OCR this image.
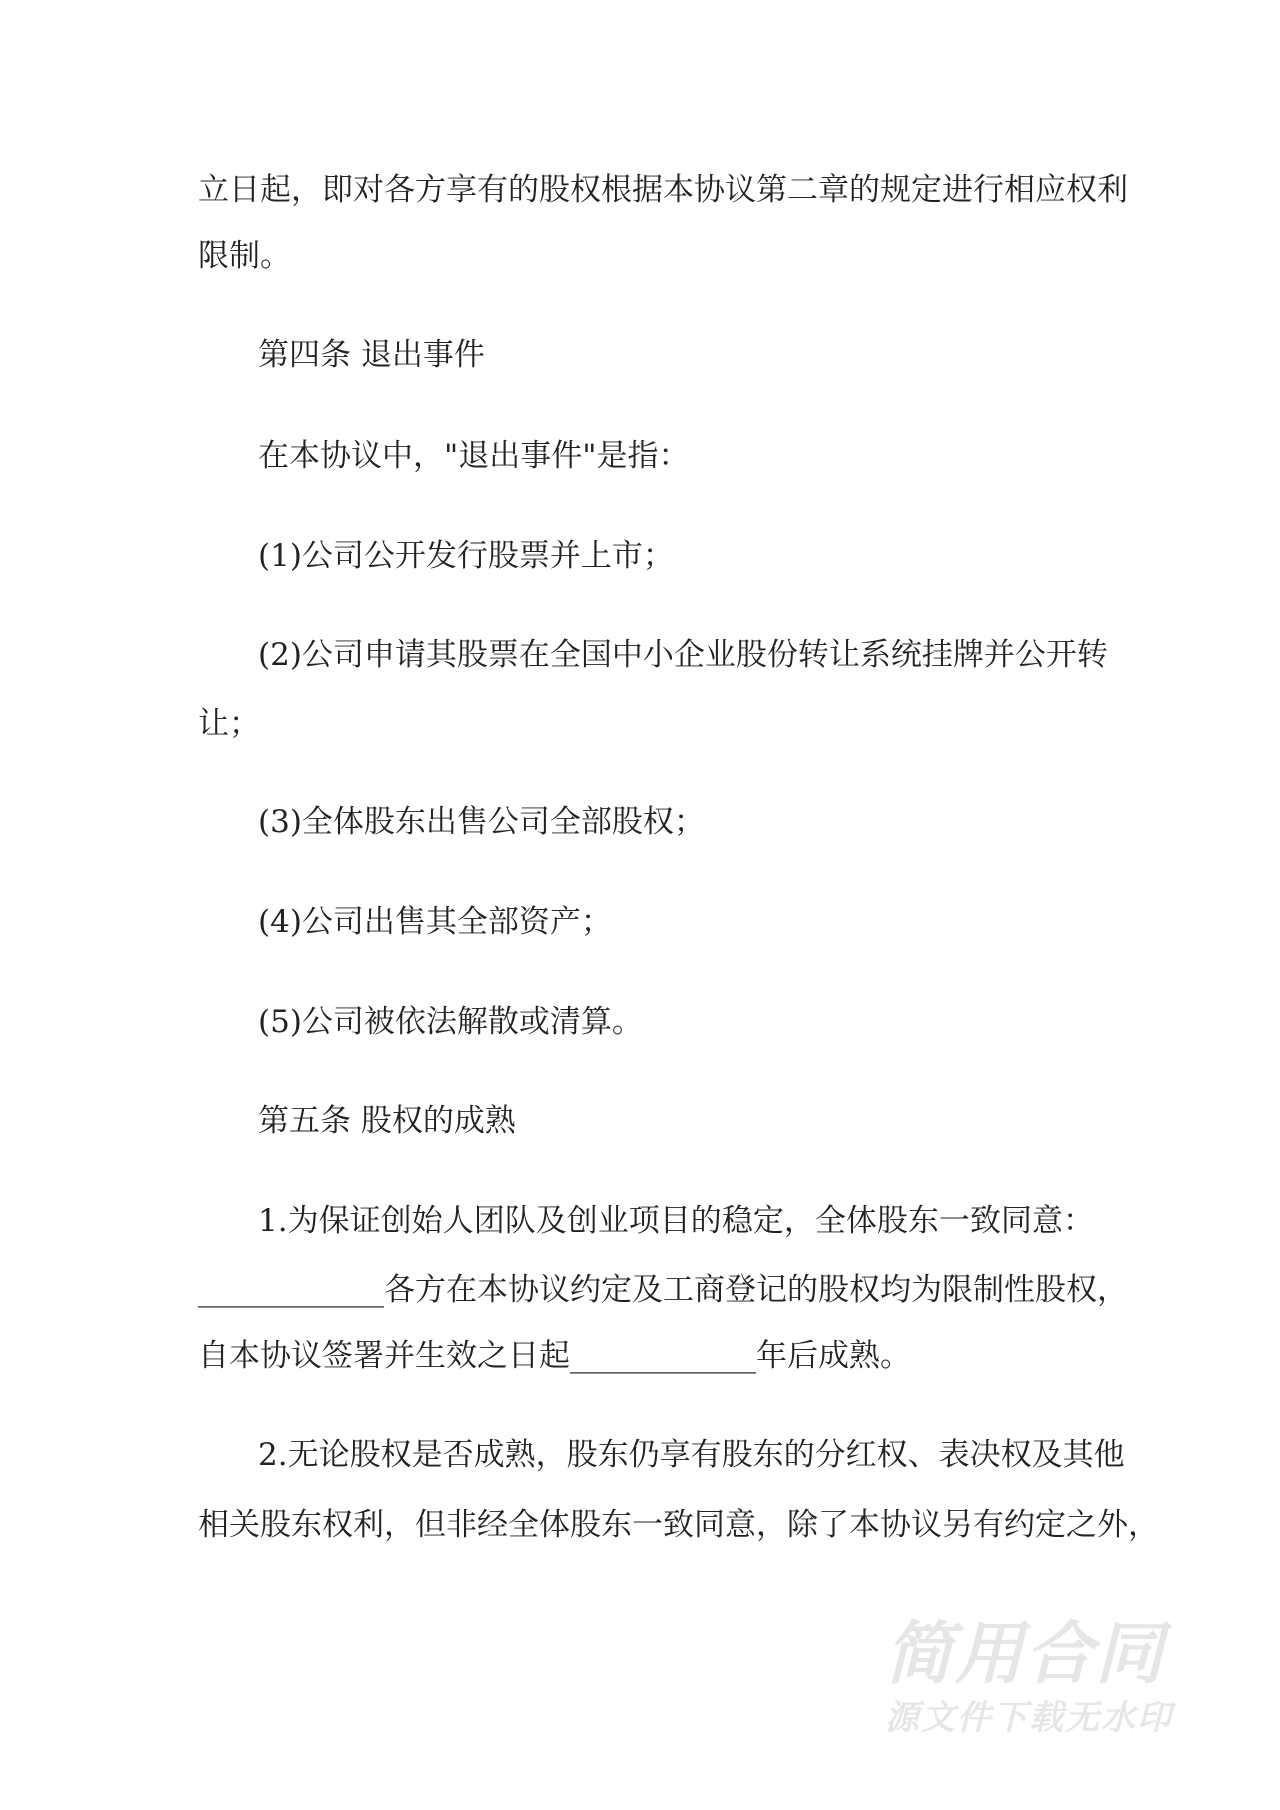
立日起，即对各方享有的股权根据本协议第二章的规定进行相应权利
限制。
第四条 退出事件
在本协议中，"退出事件"是指：
(1)公司公开发行股票并上市；
(2)公司申请其股票在全国中小企业股份转让系统挂牌并公开转
让；
(3)全体股东出售公司全部股权；
(4)公司出售其全部资产；
(5)公司被依法解散或清算。
第五条 股权的成熟
1.为保证创始人团队及创业项目的稳定，全体股东一致同意：
____________各方在本协议约定及工商登记的股权均为限制性股权，
自本协议签署并生效之日起____________年后成熟。
2.无论股权是否成熟，股东仍享有股东的分红权、表决权及其他
相关股东权利，但非经全体股东一致同意，除了本协议另有约定之外，
简用合同
源文件下载无水印
